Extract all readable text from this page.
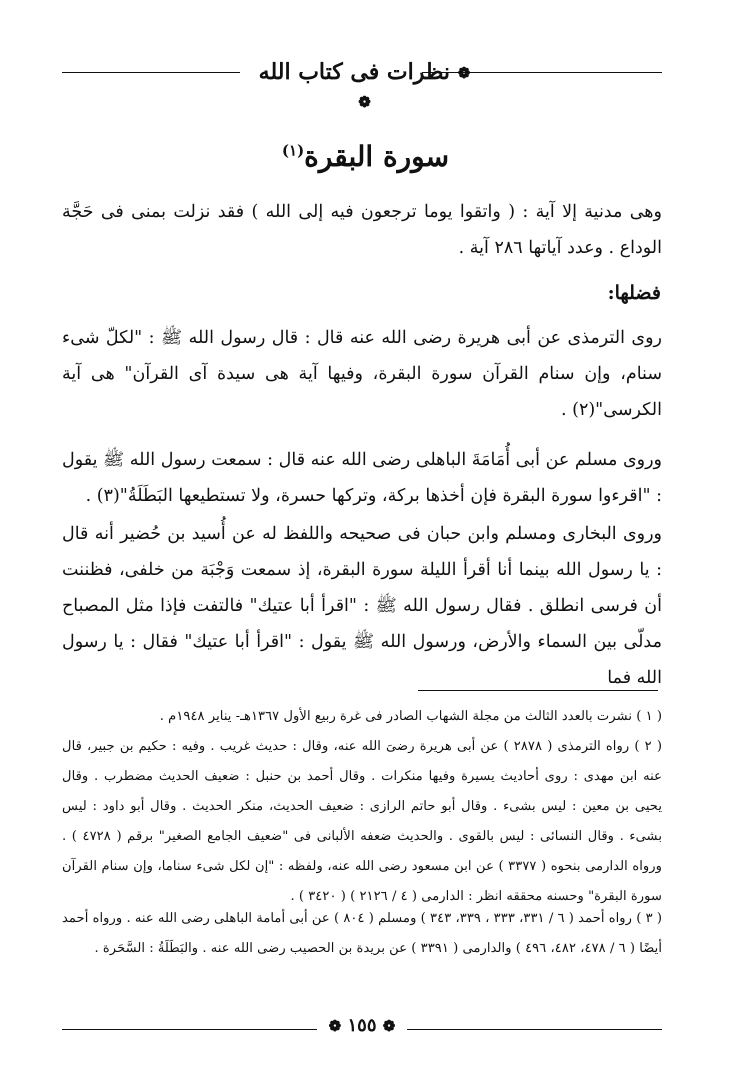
❁ نظرات فى كتاب الله ❁
سورة البقرة$^{(١)}$
وهى مدنية إلا آية : ( واتقوا يوما ترجعون فيه إلى الله ) فقد نزلت بمنى فى حَجَّة الوداع . وعدد آياتها ٢٨٦ آية .
فضلها:
روى الترمذى عن أبى هريرة رضى الله عنه قال : قال رسول الله ﷺ : "لكلّ شىء سنام، وإن سنام القرآن سورة البقرة، وفيها آية هى سيدة آى القرآن" هى آية الكرسى"(٢) .
وروى مسلم عن أبى أُمَامَةَ الباهلى رضى الله عنه قال : سمعت رسول الله ﷺ يقول : "اقرءوا سورة البقرة فإن أخذها بركة، وتركها حسرة، ولا تستطيعها البَطَلَةُ"(٣) .
وروى البخارى ومسلم وابن حبان فى صحيحه واللفظ له عن أُسيد بن حُضير أنه قال : يا رسول الله بينما أنا أقرأ الليلة سورة البقرة، إذ سمعت وَجْبَة من خلفى، فظننت أن فرسى انطلق . فقال رسول الله ﷺ : "اقرأ أبا عتيك" فالتفت فإذا مثل المصباح مدلّى بين السماء والأرض، ورسول الله ﷺ يقول : "اقرأ أبا عتيك" فقال : يا رسول الله فما
( ١ ) نشرت بالعدد الثالث من مجلة الشهاب الصادر فى غرة ربيع الأول ١٣٦٧هـ- يناير ١٩٤٨م .
( ٢ ) رواه الترمذى ( ٢٨٧٨ ) عن أبى هريرة رضىَ الله عنه، وقال : حديث غريب . وفيه : حكيم بن جبير، قال عنه ابن مهدى : روى أحاديث يسيرة وفيها منكرات . وقال أحمد بن حنبل : ضعيف الحديث مضطرب . وقال يحيى بن معين : ليس بشىء . وقال أبو حاتم الرازى : ضعيف الحديث، منكر الحديث . وقال أبو داود : ليس بشىء . وقال النسائى : ليس بالقوى . والحديث ضعفه الألبانى فى "ضعيف الجامع الصغير" برقم ( ٤٧٢٨ ) . ورواه الدارمى بنحوه ( ٣٣٧٧ ) عن ابن مسعود رضى الله عنه، ولفظه : "إن لكل شىء سناما، وإن سنام القرآن سورة البقرة" وحسنه محققه انظر : الدارمى ( ٤ / ٢١٢٦ ) ( ٣٤٢٠ ) .
( ٣ ) رواه أحمد ( ٦ / ٣٣١، ٣٣٣ ، ٣٣٩، ٣٤٣ ) ومسلم ( ٨٠٤ ) عن أبى أمامة الباهلى رضى الله عنه . ورواه أحمد أيضًا ( ٦ / ٤٧٨، ٤٨٢، ٤٩٦ ) والدارمى ( ٣٣٩١ ) عن بريدة بن الحصيب رضى الله عنه . والبَطَلَةُ : السَّحَرة .
❁ ١٥٥ ❁
